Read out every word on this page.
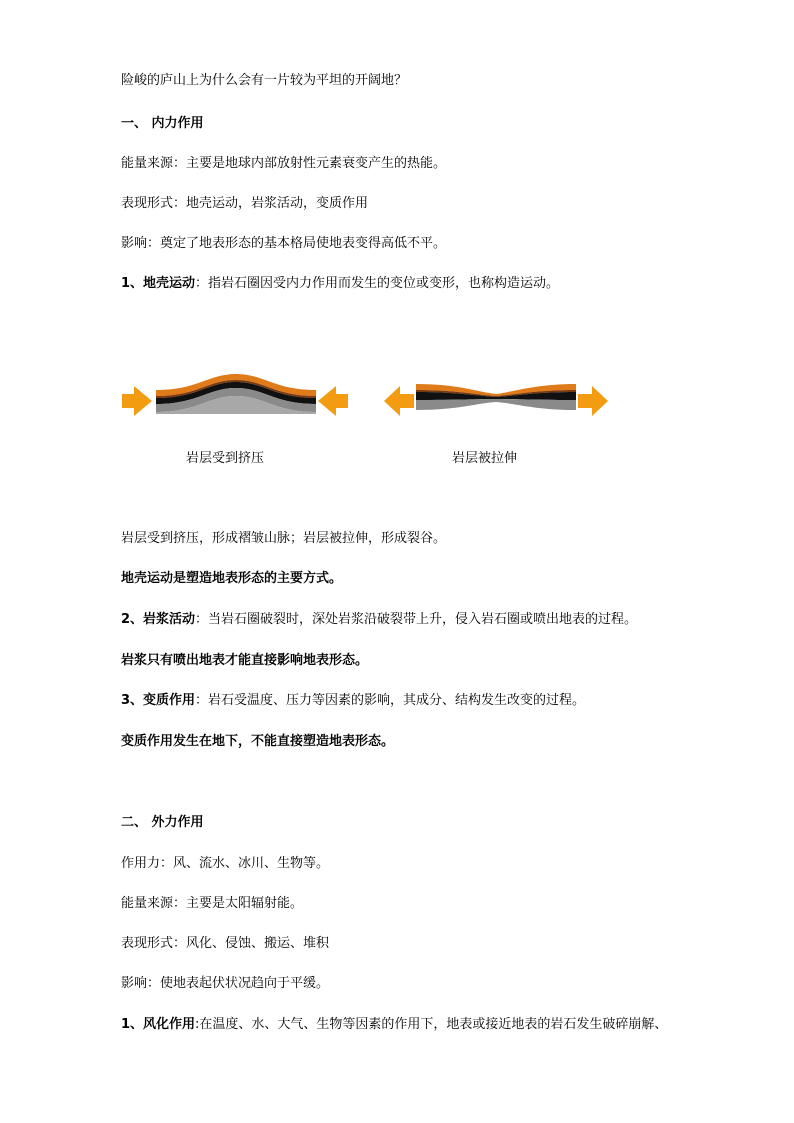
险峻的庐山上为什么会有一片较为平坦的开阔地？
一、 内力作用
能量来源：主要是地球内部放射性元素衰变产生的热能。
表现形式：地壳运动，岩浆活动，变质作用
影响：奠定了地表形态的基本格局使地表变得高低不平。
1、地壳运动：指岩石圈因受内力作用而发生的变位或变形，也称构造运动。
岩层受到挤压	岩层被拉伸
岩层受到挤压，形成褶皱山脉；岩层被拉伸，形成裂谷。
地壳运动是塑造地表形态的主要方式。
2、岩浆活动：当岩石圈破裂时，深处岩浆沿破裂带上升，侵入岩石圈或喷出地表的过程。
岩浆只有喷出地表才能直接影响地表形态。
3、变质作用：岩石受温度、压力等因素的影响，其成分、结构发生改变的过程。
变质作用发生在地下，不能直接塑造地表形态。
二、 外力作用
作用力：风、流水、冰川、生物等。
能量来源：主要是太阳辐射能。
表现形式：风化、侵蚀、搬运、堆积
影响：使地表起伏状况趋向于平缓。
1、风化作用:在温度、水、大气、生物等因素的作用下，地表或接近地表的岩石发生破碎崩解、
